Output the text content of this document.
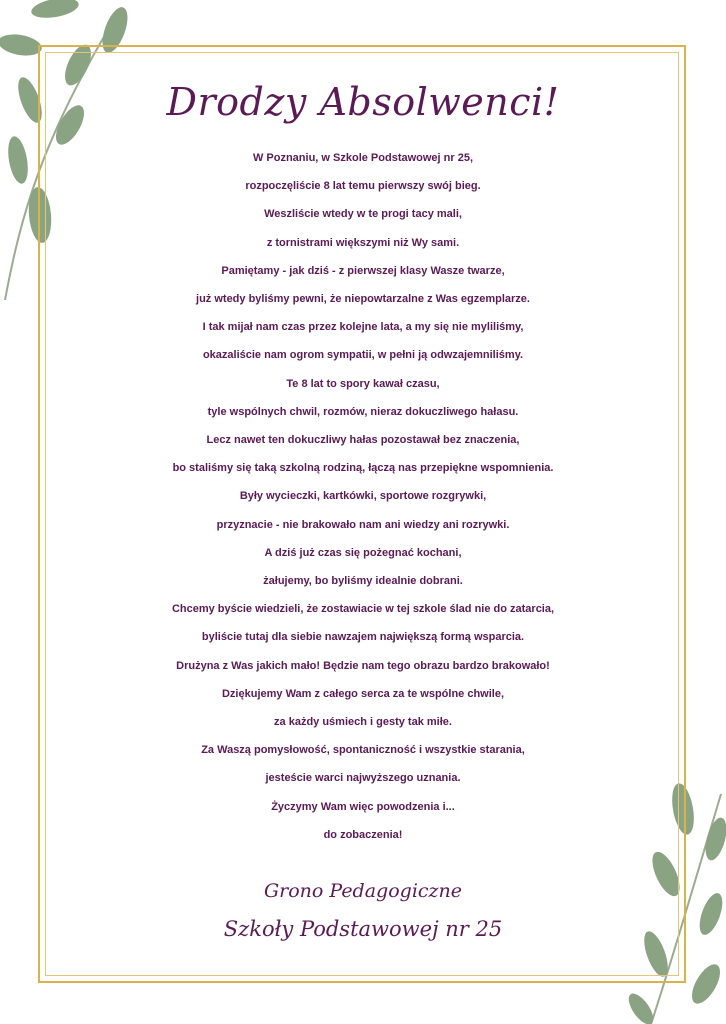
Drodzy Absolwenci!
W Poznaniu, w Szkole Podstawowej nr 25,
rozpoczęliście 8 lat temu pierwszy swój bieg.
Weszliście wtedy w te progi tacy mali,
z tornistrami większymi niż Wy sami.
Pamiętamy - jak dziś - z pierwszej klasy Wasze twarze,
już wtedy byliśmy pewni, że niepowtarzalne z Was egzemplarze.
I tak mijał nam czas przez kolejne lata, a my się nie myliliśmy,
okazaliście nam ogrom sympatii, w pełni ją odwzajemniliśmy.
Te 8 lat to spory kawał czasu,
tyle wspólnych chwil, rozmów, nieraz dokuczliwego hałasu.
Lecz nawet ten dokuczliwy hałas pozostawał bez znaczenia,
bo staliśmy się taką szkolną rodziną, łączą nas przepiękne wspomnienia.
Były wycieczki, kartkówki, sportowe rozgrywki,
przyznacie - nie brakowało nam ani wiedzy ani rozrywki.
A dziś już czas się pożegnać kochani,
żałujemy, bo byliśmy idealnie dobrani.
Chcemy byście wiedzieli, że zostawiacie w tej szkole ślad nie do zatarcia,
byliście tutaj dla siebie nawzajem największą formą wsparcia.
Drużyna z Was jakich mało! Będzie nam tego obrazu bardzo brakowało!
Dziękujemy Wam z całego serca za te wspólne chwile,
za każdy uśmiech i gesty tak miłe.
Za Waszą pomysłowość, spontaniczność i wszystkie starania,
jesteście warci najwyższego uznania.
Życzymy Wam więc powodzenia i...
do zobaczenia!
Grono Pedagogiczne
Szkoły Podstawowej nr 25
